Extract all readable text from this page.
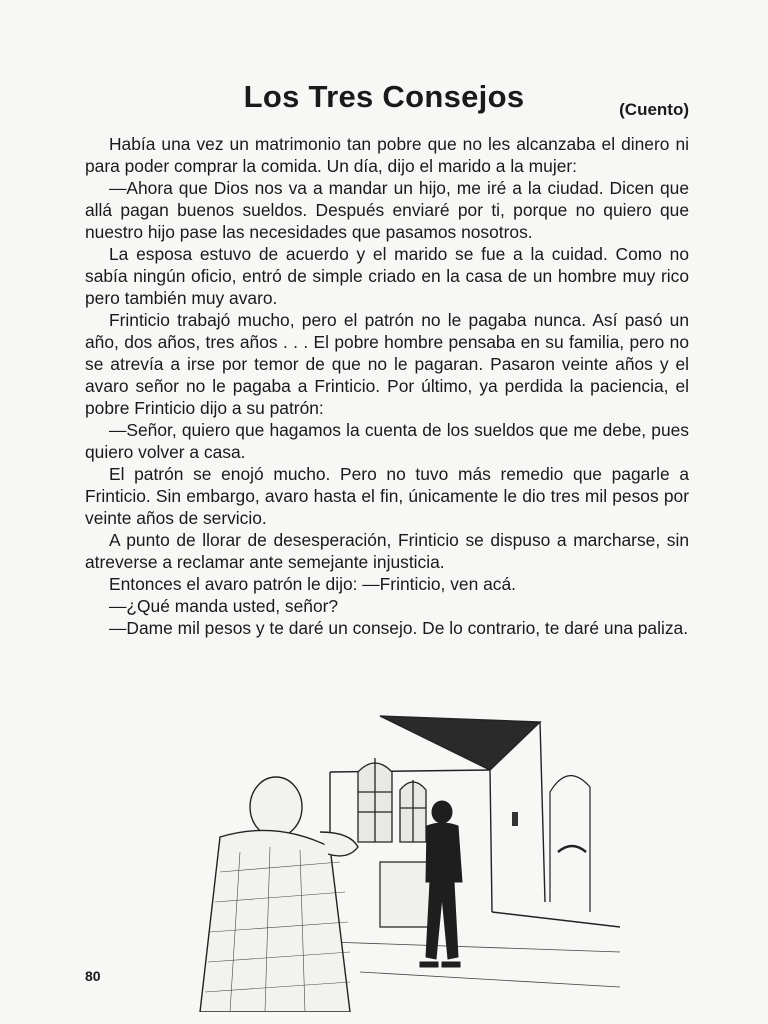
Los Tres Consejos	(Cuento)

Había una vez un matrimonio tan pobre que no les alcanzaba el dinero ni para poder comprar la comida. Un día, dijo el marido a la mujer:

—Ahora que Dios nos va a mandar un hijo, me iré a la ciudad. Dicen que allá pagan buenos sueldos. Después enviaré por ti, porque no quiero que nuestro hijo pase las necesidades que pasamos nosotros.

La esposa estuvo de acuerdo y el marido se fue a la cuidad. Como no sabía ningún oficio, entró de simple criado en la casa de un hombre muy rico pero también muy avaro.

Frinticio trabajó mucho, pero el patrón no le pagaba nunca. Así pasó un año, dos años, tres años . . . El pobre hombre pensaba en su familia, pero no se atrevía a irse por temor de que no le pagaran. Pasaron veinte años y el avaro señor no le pagaba a Frinticio. Por último, ya perdida la paciencia, el pobre Frinticio dijo a su patrón:

—Señor, quiero que hagamos la cuenta de los sueldos que me debe, pues quiero volver a casa.

El patrón se enojó mucho. Pero no tuvo más remedio que pagarle a Frinticio. Sin embargo, avaro hasta el fin, únicamente le dio tres mil pesos por veinte años de servicio.

A punto de llorar de desesperación, Frinticio se dispuso a marcharse, sin atreverse a reclamar ante semejante injusticia.

Entonces el avaro patrón le dijo: —Frinticio, ven acá.

—¿Qué manda usted, señor?

—Dame mil pesos y te daré un consejo. De lo contrario, te daré una paliza.

80
